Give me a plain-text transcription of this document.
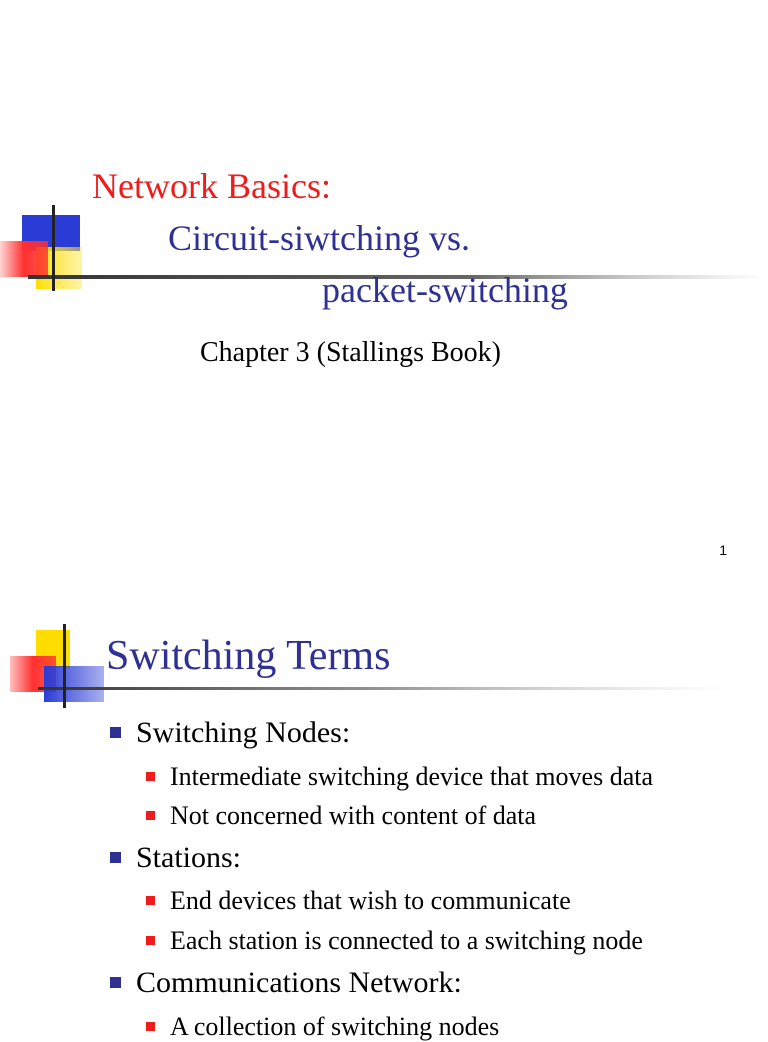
Network Basics:
Circuit-siwtching vs.
packet-switching
Chapter 3 (Stallings Book)
1
Switching Terms
Switching Nodes:
Intermediate switching device that moves data
Not concerned with content of data
Stations:
End devices that wish to communicate
Each station is connected to a switching node
Communications Network:
A collection of switching nodes
